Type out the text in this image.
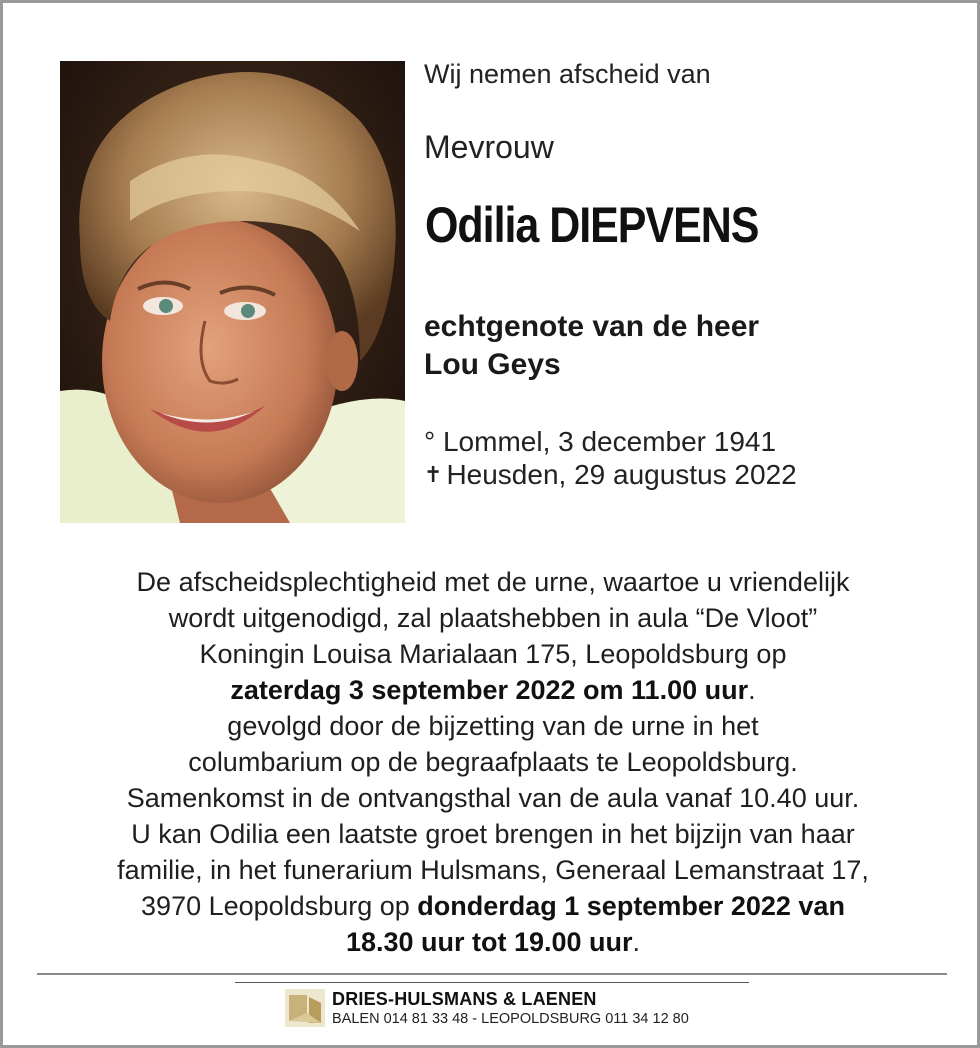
Wij nemen afscheid van
Mevrouw
Odilia DIEPVENS
echtgenote van de heer
Lou Geys
° Lommel, 3 december 1941
✝ Heusden, 29 augustus 2022
De afscheidsplechtigheid met de urne, waartoe u vriendelijk
wordt uitgenodigd, zal plaatshebben in aula “De Vloot”
Koningin Louisa Marialaan 175, Leopoldsburg op
zaterdag 3 september 2022 om 11.00 uur.
gevolgd door de bijzetting van de urne in het
columbarium op de begraafplaats te Leopoldsburg.
Samenkomst in de ontvangsthal van de aula vanaf 10.40 uur.
U kan Odilia een laatste groet brengen in het bijzijn van haar
familie, in het funerarium Hulsmans, Generaal Lemanstraat 17,
3970 Leopoldsburg op donderdag 1 september 2022 van
18.30 uur tot 19.00 uur.
DRIES-HULSMANS & LAENEN
BALEN 014 81 33 48 - LEOPOLDSBURG 011 34 12 80
